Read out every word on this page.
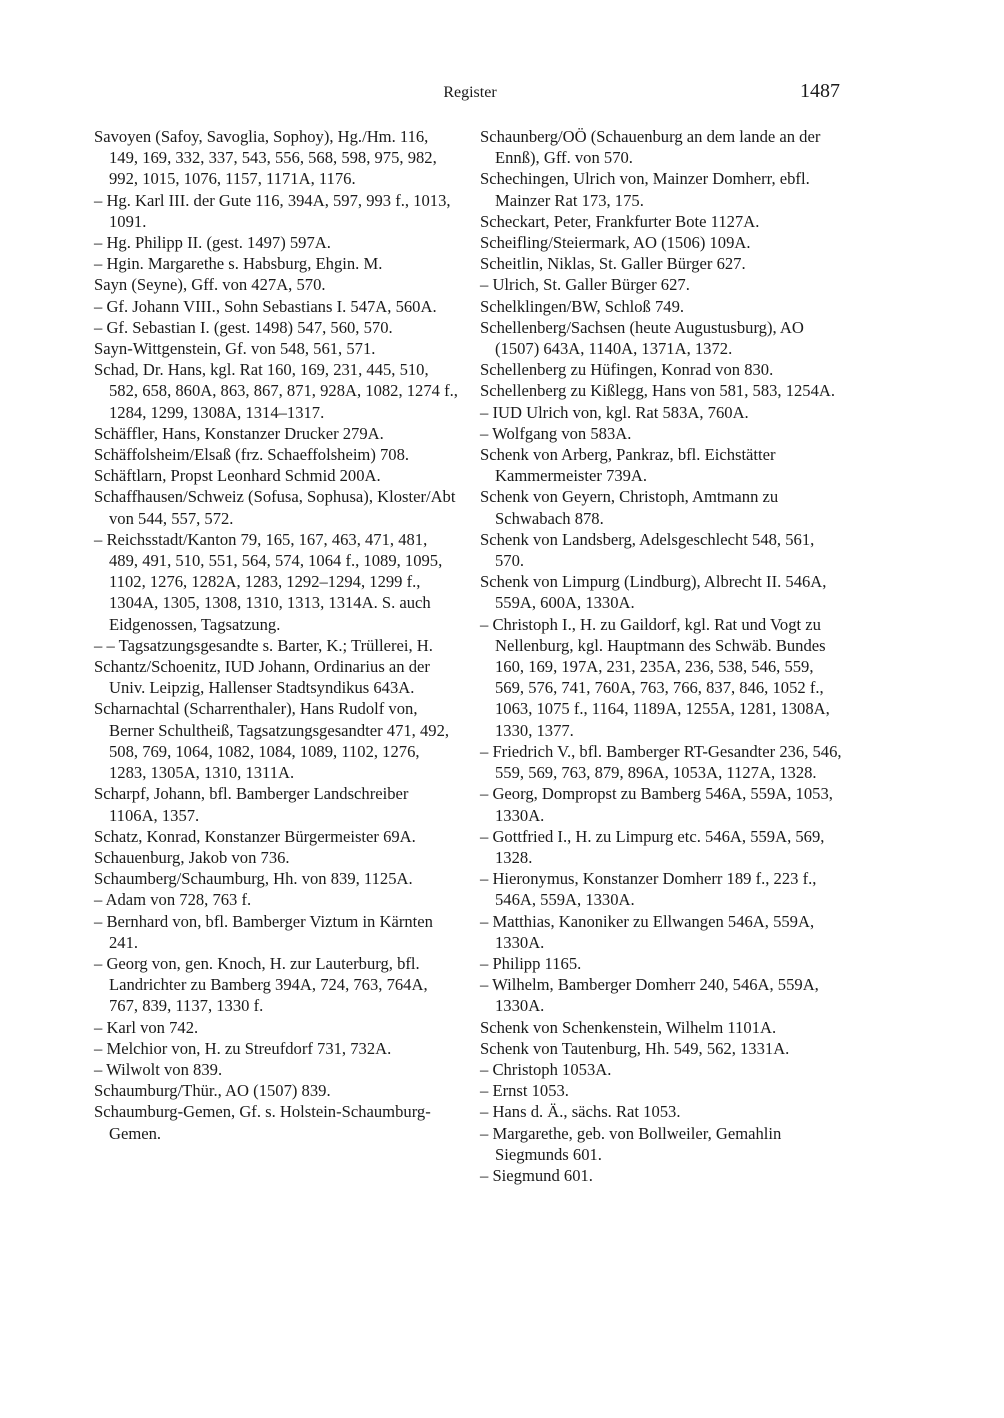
Register	1487

Savoyen (Safoy, Savoglia, Sophoy), Hg./Hm. 116, 149, 169, 332, 337, 543, 556, 568, 598, 975, 982, 992, 1015, 1076, 1157, 1171A, 1176.

– Hg. Karl III. der Gute 116, 394A, 597, 993 f., 1013, 1091.

– Hg. Philipp II. (gest. 1497) 597A.

– Hgin. Margarethe s. Habsburg, Ehgin. M.

Sayn (Seyne), Gff. von 427A, 570.

– Gf. Johann VIII., Sohn Sebastians I. 547A, 560A.

– Gf. Sebastian I. (gest. 1498) 547, 560, 570.

Sayn-Wittgenstein, Gf. von 548, 561, 571.

Schad, Dr. Hans, kgl. Rat 160, 169, 231, 445, 510, 582, 658, 860A, 863, 867, 871, 928A, 1082, 1274 f., 1284, 1299, 1308A, 1314–1317.

Schäffler, Hans, Konstanzer Drucker 279A.

Schäffolsheim/Elsaß (frz. Schaeffolsheim) 708.

Schäftlarn, Propst Leonhard Schmid 200A.

Schaffhausen/Schweiz (Sofusa, Sophusa), Kloster/Abt von 544, 557, 572.

– Reichsstadt/Kanton 79, 165, 167, 463, 471, 481, 489, 491, 510, 551, 564, 574, 1064 f., 1089, 1095, 1102, 1276, 1282A, 1283, 1292–1294, 1299 f., 1304A, 1305, 1308, 1310, 1313, 1314A. S. auch Eidgenossen, Tagsatzung.

– – Tagsatzungsgesandte s. Barter, K.; Trüllerei, H.

Schantz/Schoenitz, IUD Johann, Ordinarius an der Univ. Leipzig, Hallenser Stadtsyndikus 643A.

Scharnachtal (Scharrenthaler), Hans Rudolf von, Berner Schultheiß, Tagsatzungsgesandter 471, 492, 508, 769, 1064, 1082, 1084, 1089, 1102, 1276, 1283, 1305A, 1310, 1311A.

Scharpf, Johann, bfl. Bamberger Landschreiber 1106A, 1357.

Schatz, Konrad, Konstanzer Bürgermeister 69A.

Schauenburg, Jakob von 736.

Schaumberg/Schaumburg, Hh. von 839, 1125A.

– Adam von 728, 763 f.

– Bernhard von, bfl. Bamberger Viztum in Kärnten 241.

– Georg von, gen. Knoch, H. zur Lauterburg, bfl. Landrichter zu Bamberg 394A, 724, 763, 764A, 767, 839, 1137, 1330 f.

– Karl von 742.

– Melchior von, H. zu Streufdorf 731, 732A.

– Wilwolt von 839.

Schaumburg/Thür., AO (1507) 839.

Schaumburg-Gemen, Gf. s. Holstein-Schaumburg-Gemen.

Schaunberg/OÖ (Schauenburg an dem lande an der Ennß), Gff. von 570.

Schechingen, Ulrich von, Mainzer Domherr, ebfl. Mainzer Rat 173, 175.

Scheckart, Peter, Frankfurter Bote 1127A.

Scheifling/Steiermark, AO (1506) 109A.

Scheitlin, Niklas, St. Galler Bürger 627.

– Ulrich, St. Galler Bürger 627.

Schelklingen/BW, Schloß 749.

Schellenberg/Sachsen (heute Augustusburg), AO (1507) 643A, 1140A, 1371A, 1372.

Schellenberg zu Hüfingen, Konrad von 830.

Schellenberg zu Kißlegg, Hans von 581, 583, 1254A.

– IUD Ulrich von, kgl. Rat 583A, 760A.

– Wolfgang von 583A.

Schenk von Arberg, Pankraz, bfl. Eichstätter Kammermeister 739A.

Schenk von Geyern, Christoph, Amtmann zu Schwabach 878.

Schenk von Landsberg, Adelsgeschlecht 548, 561, 570.

Schenk von Limpurg (Lindburg), Albrecht II. 546A, 559A, 600A, 1330A.

– Christoph I., H. zu Gaildorf, kgl. Rat und Vogt zu Nellenburg, kgl. Hauptmann des Schwäb. Bundes 160, 169, 197A, 231, 235A, 236, 538, 546, 559, 569, 576, 741, 760A, 763, 766, 837, 846, 1052 f., 1063, 1075 f., 1164, 1189A, 1255A, 1281, 1308A, 1330, 1377.

– Friedrich V., bfl. Bamberger RT-Gesandter 236, 546, 559, 569, 763, 879, 896A, 1053A, 1127A, 1328.

– Georg, Dompropst zu Bamberg 546A, 559A, 1053, 1330A.

– Gottfried I., H. zu Limpurg etc. 546A, 559A, 569, 1328.

– Hieronymus, Konstanzer Domherr 189 f., 223 f., 546A, 559A, 1330A.

– Matthias, Kanoniker zu Ellwangen 546A, 559A, 1330A.

– Philipp 1165.

– Wilhelm, Bamberger Domherr 240, 546A, 559A, 1330A.

Schenk von Schenkenstein, Wilhelm 1101A.

Schenk von Tautenburg, Hh. 549, 562, 1331A.

– Christoph 1053A.

– Ernst 1053.

– Hans d. Ä., sächs. Rat 1053.

– Margarethe, geb. von Bollweiler, Gemahlin Siegmunds 601.

– Siegmund 601.
